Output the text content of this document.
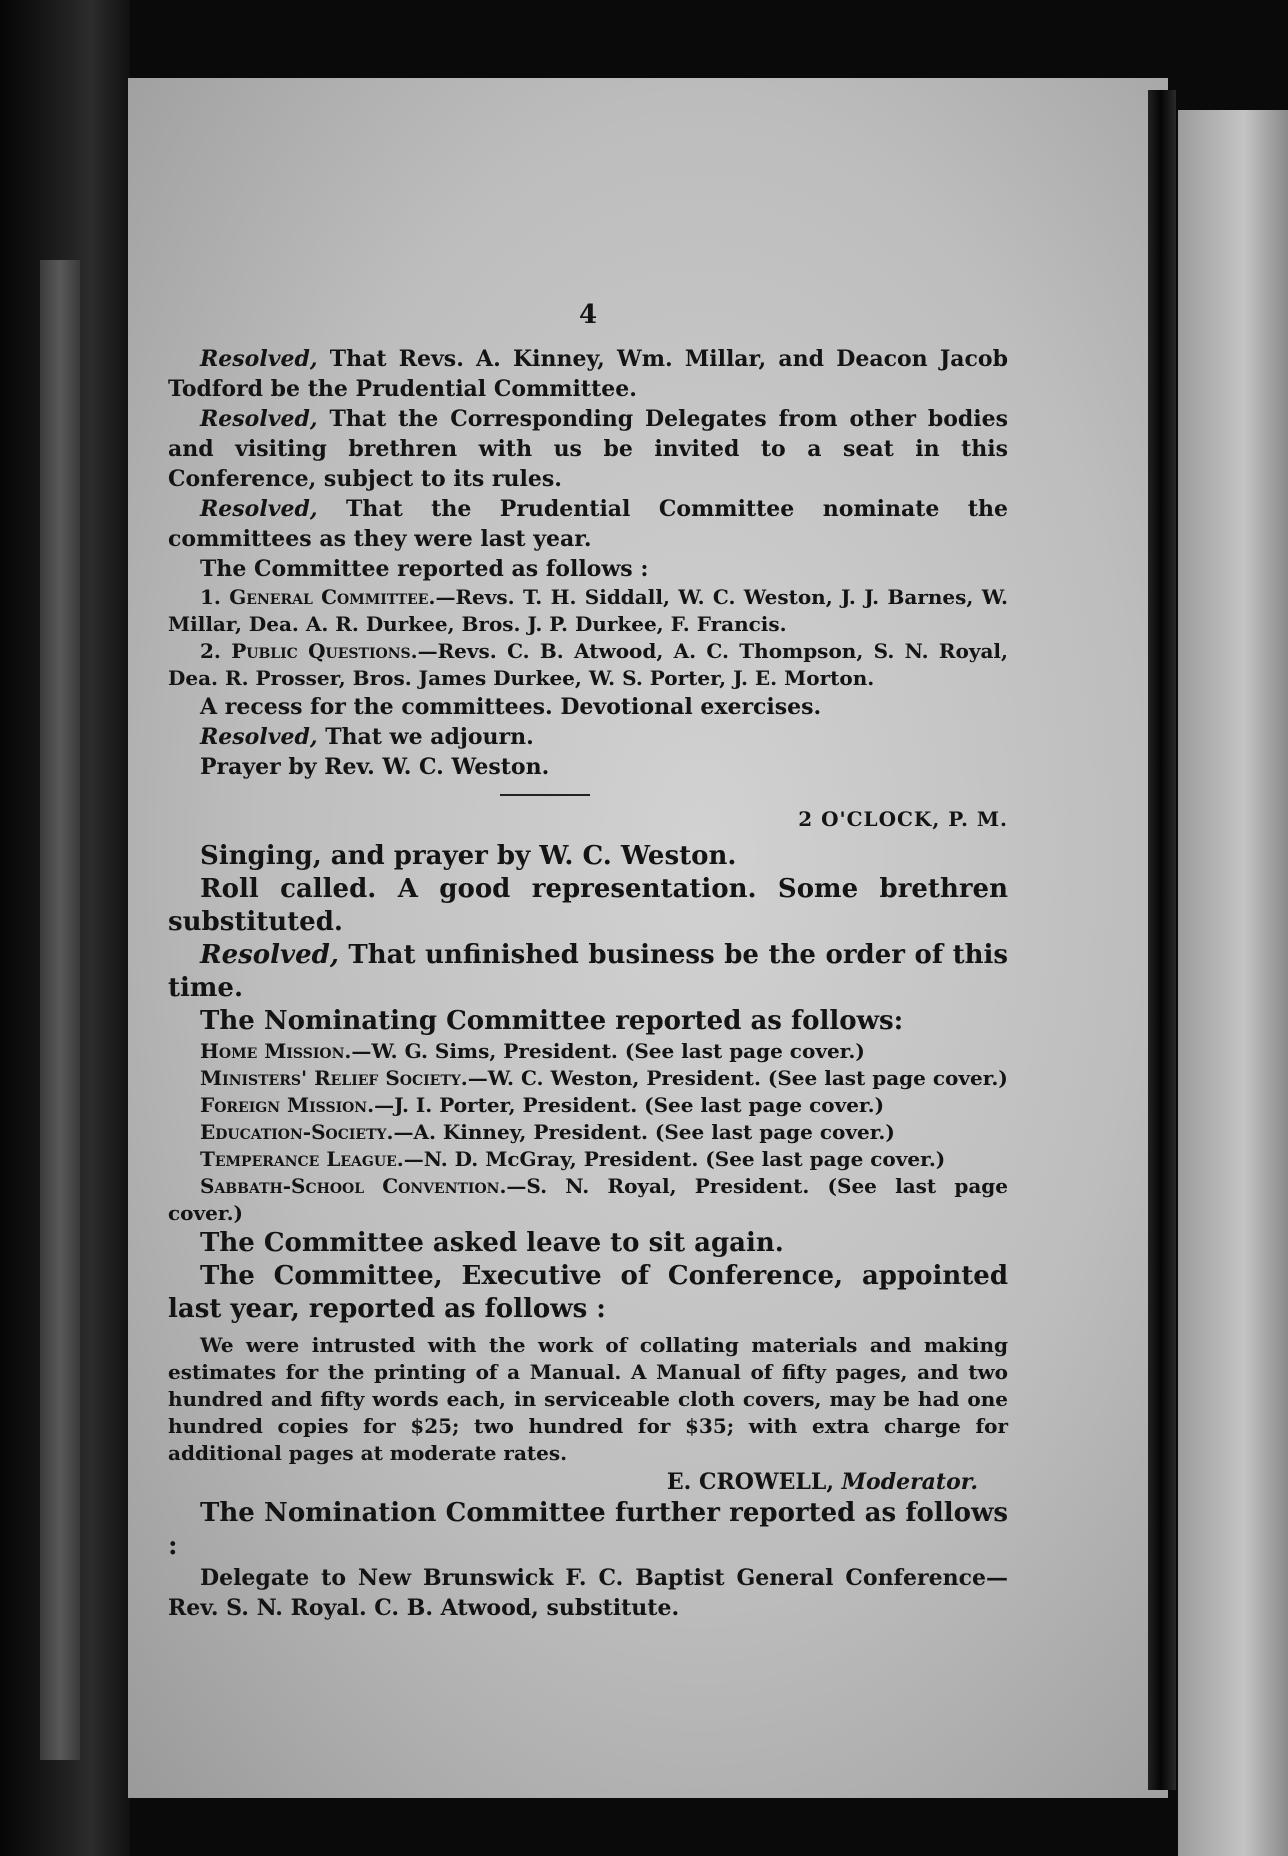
4

Resolved, That Revs. A. Kinney, Wm. Millar, and Deacon Jacob Todford be the Prudential Committee.

Resolved, That the Corresponding Delegates from other bodies and visiting brethren with us be invited to a seat in this Conference, subject to its rules.

Resolved, That the Prudential Committee nominate the committees as they were last year.

The Committee reported as follows :

1. General Committee.—Revs. T. H. Siddall, W. C. Weston, J. J. Barnes, W. Millar, Dea. A. R. Durkee, Bros. J. P. Durkee, F. Francis.

2. Public Questions.—Revs. C. B. Atwood, A. C. Thompson, S. N. Royal, Dea. R. Prosser, Bros. James Durkee, W. S. Porter, J. E. Morton.

A recess for the committees. Devotional exercises.

Resolved, That we adjourn.

Prayer by Rev. W. C. Weston.

2 O'CLOCK, P. M.

Singing, and prayer by W. C. Weston.

Roll called. A good representation. Some brethren substituted.

Resolved, That unfinished business be the order of this time.

The Nominating Committee reported as follows:

Home Mission.—W. G. Sims, President. (See last page cover.)

Ministers' Relief Society.—W. C. Weston, President. (See last page cover.)

Foreign Mission.—J. I. Porter, President. (See last page cover.)

Education-Society.—A. Kinney, President. (See last page cover.)

Temperance League.—N. D. McGray, President. (See last page cover.)

Sabbath-School Convention.—S. N. Royal, President. (See last page cover.)

The Committee asked leave to sit again.

The Committee, Executive of Conference, appointed last year, reported as follows :

We were intrusted with the work of collating materials and making estimates for the printing of a Manual. A Manual of fifty pages, and two hundred and fifty words each, in serviceable cloth covers, may be had one hundred copies for $25; two hundred for $35; with extra charge for additional pages at moderate rates.

E. CROWELL, Moderator.

The Nomination Committee further reported as follows :

Delegate to New Brunswick F. C. Baptist General Conference—Rev. S. N. Royal. C. B. Atwood, substitute.
